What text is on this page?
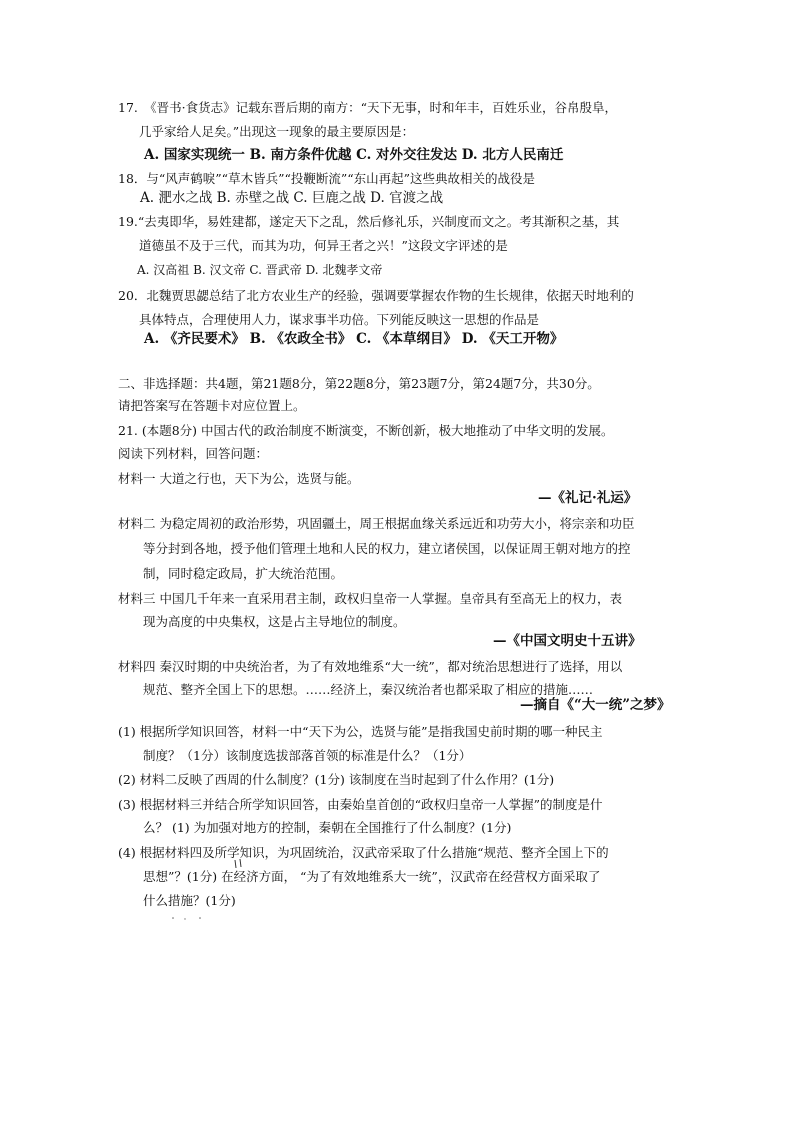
17.　《晋书·食货志》记载东晋后期的南方：“天下无事，时和年丰，百姓乐业，谷帛殷阜，
几乎家给人足矣。”出现这一现象的最主要原因是：
A. 国家实现统一 B. 南方条件优越 C. 对外交往发达 D. 北方人民南迁
18．与“风声鹤唳”“草木皆兵”“投鞭断流”“东山再起”这些典故相关的战役是
A. 淝水之战 B. 赤壁之战 C. 巨鹿之战 D. 官渡之战
19.“去夷即华，易姓建都，遂定天下之乱，然后修礼乐，兴制度而文之。考其渐积之基，其
道德虽不及于三代，而其为功，何异王者之兴！”这段文字评述的是
A. 汉高祖 B. 汉文帝 C. 晋武帝 D. 北魏孝文帝
20．北魏贾思勰总结了北方农业生产的经验，强调要掌握农作物的生长规律，依据天时地利的
具体特点，合理使用人力，谋求事半功倍。下列能反映这一思想的作品是
A. 《齐民要术》 B. 《农政全书》 C. 《本草纲目》 D. 《天工开物》
二、非选择题：共4题，第21题8分，第22题8分，第23题7分，第24题7分，共30分。
请把答案写在答题卡对应位置上。
21. (本题8分) 中国古代的政治制度不断演变，不断创新，极大地推动了中华文明的发展。
阅读下列材料，回答问题：
材料一 大道之行也，天下为公，选贤与能。
—《礼记·礼运》
材料二 为稳定周初的政治形势，巩固疆土，周王根据血缘关系远近和功劳大小，将宗亲和功臣
等分封到各地，授予他们管理土地和人民的权力，建立诸侯国，以保证周王朝对地方的控
制，同时稳定政局，扩大统治范围。
材料三 中国几千年来一直采用君主制，政权归皇帝一人掌握。皇帝具有至高无上的权力，表
现为高度的中央集权，这是占主导地位的制度。
—《中国文明史十五讲》
材料四 秦汉时期的中央统治者，为了有效地维系“大一统”，都对统治思想进行了选择，用以
规范、整齐全国上下的思想。……经济上，秦汉统治者也都采取了相应的措施……
—摘自《“大一统”之梦》
(1) 根据所学知识回答，材料一中“天下为公，选贤与能”是指我国史前时期的哪一种民主
制度？（1分）该制度选拔部落首领的标准是什么？（1分）
(2) 材料二反映了西周的什么制度？(1分) 该制度在当时起到了什么作用？(1分)
(3) 根据材料三并结合所学知识回答，由秦始皇首创的“政权归皇帝一人掌握”的制度是什
么？ (1) 为加强对地方的控制，秦朝在全国推行了什么制度？(1分)
(4) 根据材料四及所学知识，为巩固统治，汉武帝采取了什么措施“规范、整齐全国上下的
思想”？(1分) 在经济方面， “为了有效地维系大一统”，汉武帝在经营权方面采取了
什么措施？(1分)
